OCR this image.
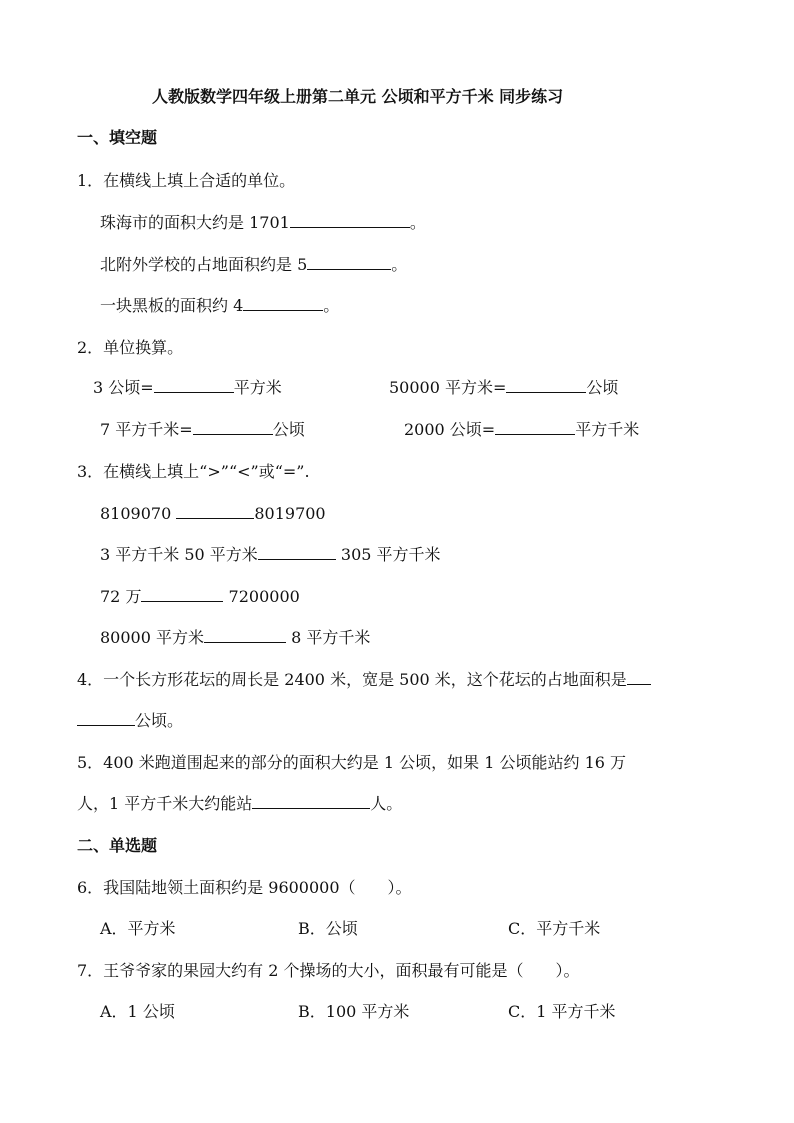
人教版数学四年级上册第二单元 公顷和平方千米 同步练习
一、填空题
1．在横线上填上合适的单位。
珠海市的面积大约是 1701	。
北附外学校的占地面积约是 5	。
一块黑板的面积约 4	。
2．单位换算。
3 公顷=	平方米	50000 平方米=	公顷
7 平方千米=	公顷	2000 公顷=	平方千米
3．在横线上填上“>”“<”或“=”.
8109070	8019700
3 平方千米 50 平方米	305 平方千米
72 万	7200000
80000 平方米	8 平方千米
4．一个长方形花坛的周长是 2400 米，宽是 500 米，这个花坛的占地面积是
公顷。
5．400 米跑道围起来的部分的面积大约是 1 公顷，如果 1 公顷能站约 16 万
人，1 平方千米大约能站	人。
二、单选题
6．我国陆地领土面积约是 9600000（　　）。
A．平方米	B．公顷	C．平方千米
7．王爷爷家的果园大约有 2 个操场的大小，面积最有可能是（　　）。
A．1 公顷	B．100 平方米	C．1 平方千米
